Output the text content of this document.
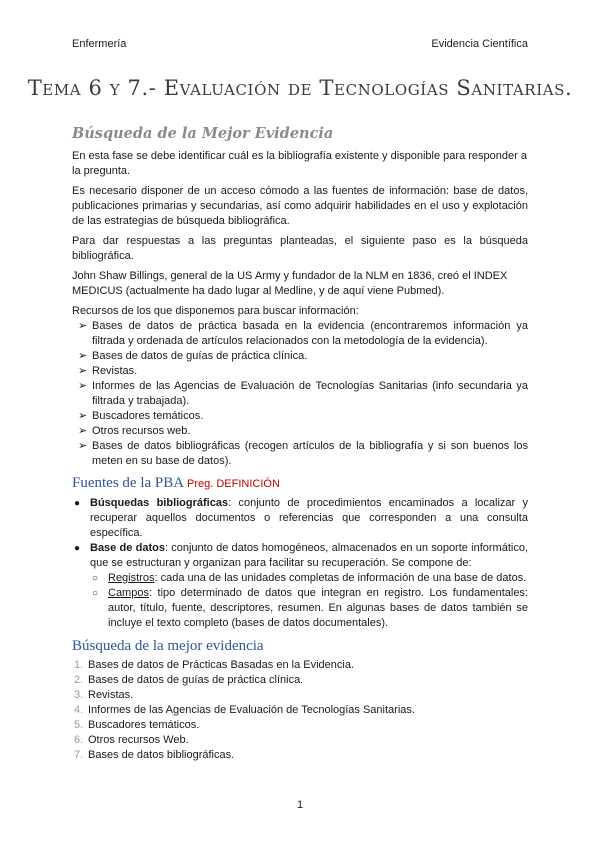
Enfermería	Evidencia Científica
Tema 6 y 7.- Evaluación de Tecnologías Sanitarias.
Búsqueda de la Mejor Evidencia

En esta fase se debe identificar cuál es la bibliografía existente y disponible para responder a la pregunta.

Es necesario disponer de un acceso cómodo a las fuentes de información: base de datos, publicaciones primarias y secundarias, así como adquirir habilidades en el uso y explotación de las estrategias de búsqueda bibliográfica.

Para dar respuestas a las preguntas planteadas, el siguiente paso es la búsqueda bibliográfica.

John Shaw Billings, general de la US Army y fundador de la NLM en 1836, creó el INDEX MEDICUS (actualmente ha dado lugar al Medline, y de aquí viene Pubmed).

Recursos de los que disponemos para buscar información:

➢ Bases de datos de práctica basada en la evidencia (encontraremos información ya filtrada y ordenada de artículos relacionados con la metodología de la evidencia).
➢ Bases de datos de guías de práctica clínica.
➢ Revistas.
➢ Informes de las Agencias de Evaluación de Tecnologías Sanitarias (info secundaria ya filtrada y trabajada).
➢ Buscadores temáticos.
➢ Otros recursos web.
➢ Bases de datos bibliográficas (recogen artículos de la bibliografía y si son buenos los meten en su base de datos).
Fuentes de la PBA Preg. DEFINICIÓN
● Búsquedas bibliográficas: conjunto de procedimientos encaminados a localizar y recuperar aquellos documentos o referencias que corresponden a una consulta específica.
● Base de datos: conjunto de datos homogéneos, almacenados en un soporte informático, que se estructuran y organizan para facilitar su recuperación. Se compone de:
○ Registros: cada una de las unidades completas de información de una base de datos.
○ Campos: tipo determinado de datos que integran en registro. Los fundamentales: autor, título, fuente, descriptores, resumen. En algunas bases de datos también se incluye el texto completo (bases de datos documentales).
Búsqueda de la mejor evidencia
1. Bases de datos de Prácticas Basadas en la Evidencia.
2. Bases de datos de guías de práctica clínica.
3. Revistas.
4. Informes de las Agencias de Evaluación de Tecnologías Sanitarias.
5. Buscadores temáticos.
6. Otros recursos Web.
7. Bases de datos bibliográficas.
1
